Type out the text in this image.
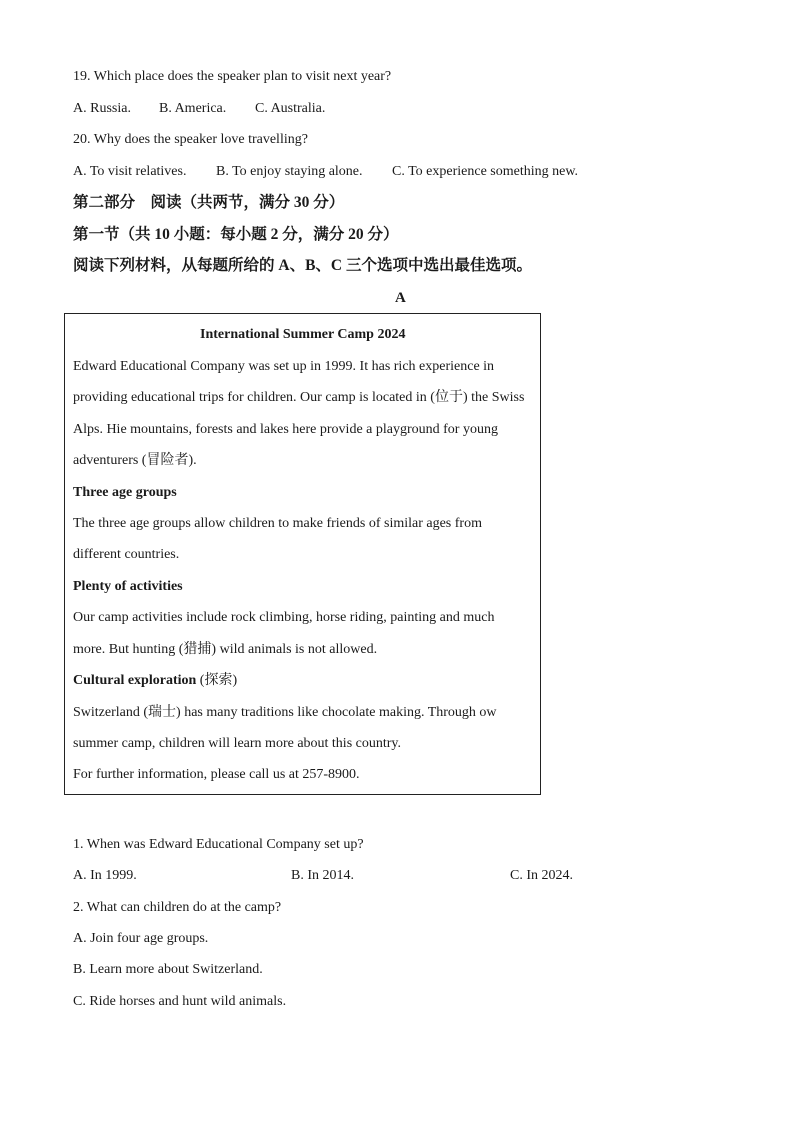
19. Which place does the speaker plan to visit next year?
A. Russia. B. America. C. Australia.
20. Why does the speaker love travelling?
A. To visit relatives. B. To enjoy staying alone. C. To experience something new.
第二部分　阅读（共两节，满分 30 分）
第一节（共 10 小题：每小题 2 分，满分 20 分）
阅读下列材料，从每题所给的 A、B、C 三个选项中选出最佳选项。
A
International Summer Camp 2024
Edward Educational Company was set up in 1999. It has rich experience in
providing educational trips for children. Our camp is located in (位于) the Swiss
Alps. Hie mountains, forests and lakes here provide a playground for young
adventurers (冒险者).
Three age groups
The three age groups allow children to make friends of similar ages from
different countries.
Plenty of activities
Our camp activities include rock climbing, horse riding, painting and much
more. But hunting (猎捕) wild animals is not allowed.
Cultural exploration (探索)
Switzerland (瑞士) has many traditions like chocolate making. Through ow
summer camp, children will learn more about this country.
For further information, please call us at 257-8900.
1. When was Edward Educational Company set up?
A. In 1999.	B. In 2014.	C. In 2024.
2. What can children do at the camp?
A. Join four age groups.
B. Learn more about Switzerland.
C. Ride horses and hunt wild animals.
